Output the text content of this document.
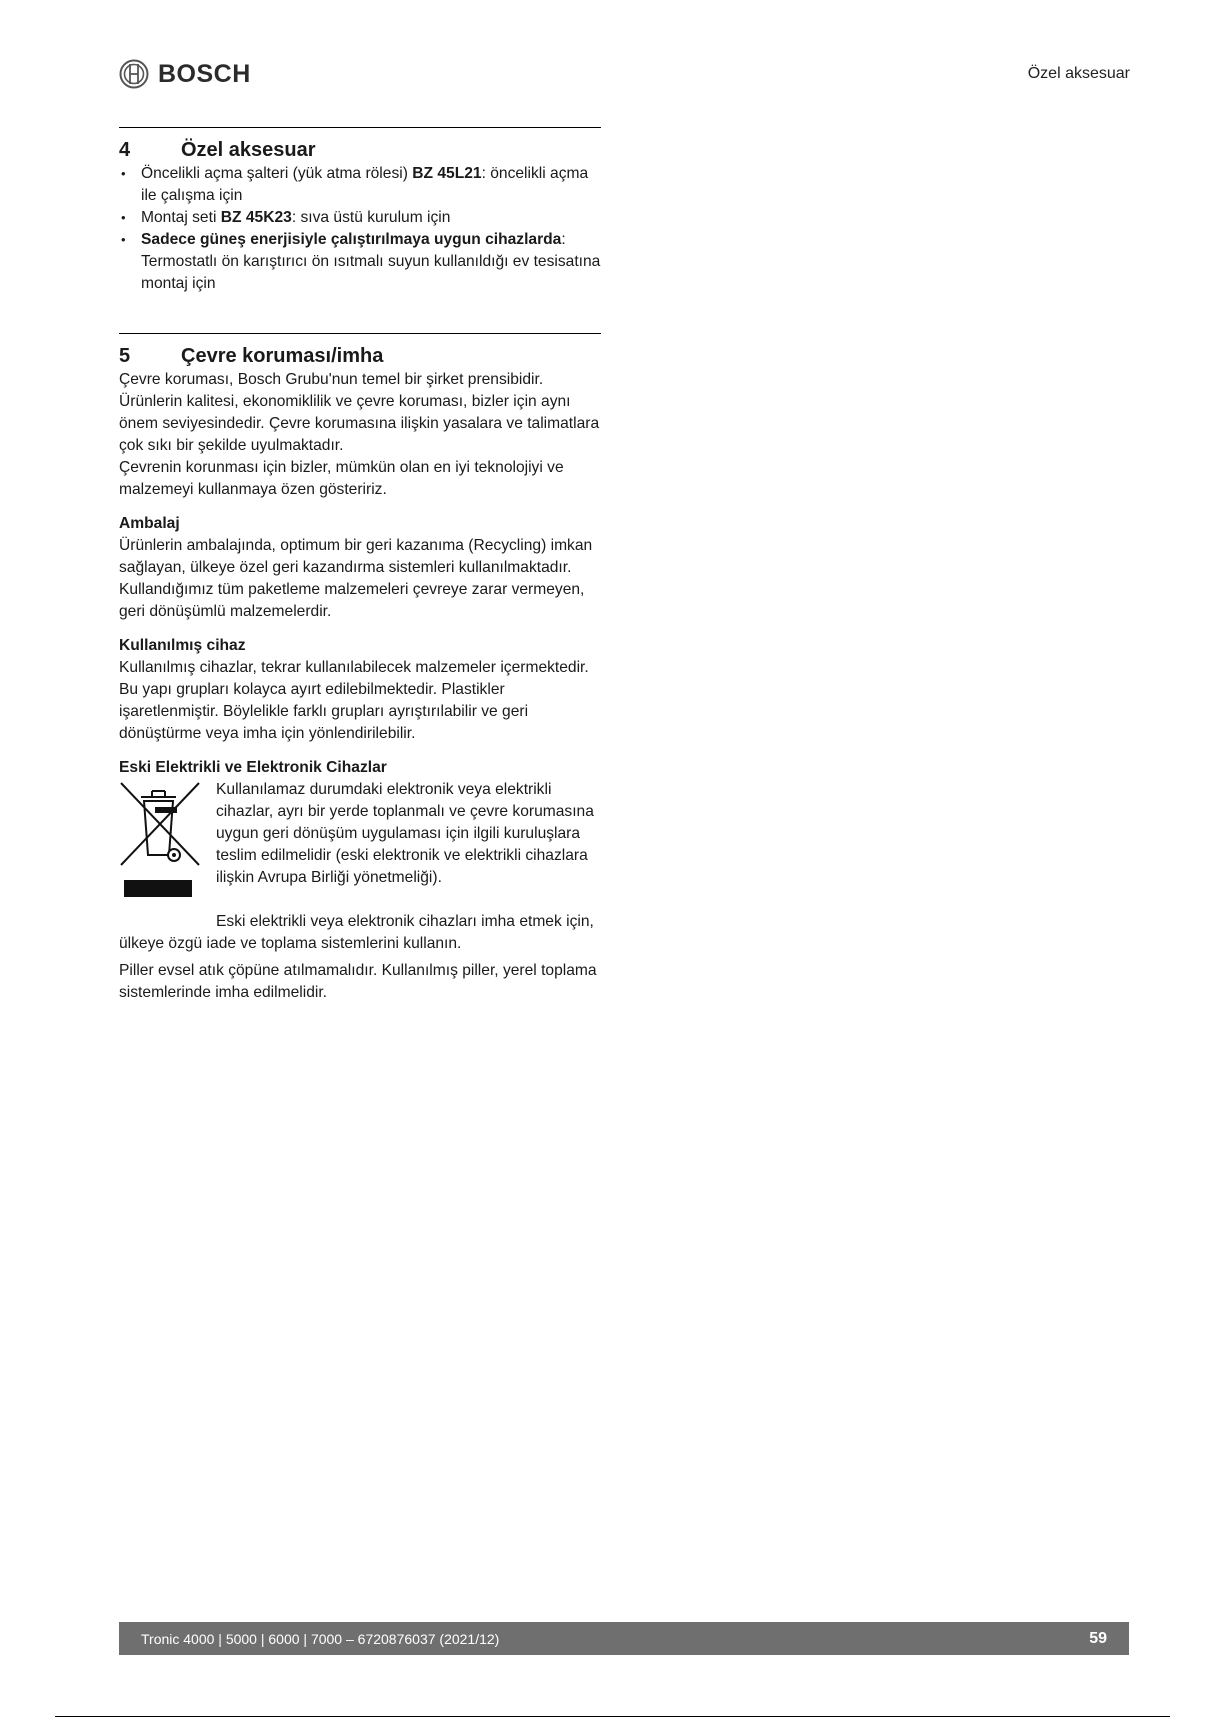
BOSCH	Özel aksesuar
4	Özel aksesuar
• Öncelikli açma şalteri (yük atma rölesi) BZ 45L21: öncelikli açma ile çalışma için
• Montaj seti BZ 45K23: sıva üstü kurulum için
• Sadece güneş enerjisiyle çalıştırılmaya uygun cihazlarda: Termostatlı ön karıştırıcı ön ısıtmalı suyun kullanıldığı ev tesisatına montaj için
5	Çevre koruması/imha

Çevre koruması, Bosch Grubu'nun temel bir şirket prensibidir.

Ürünlerin kalitesi, ekonomiklilik ve çevre koruması, bizler için aynı önem seviyesindedir. Çevre korumasına ilişkin yasalara ve talimatlara çok sıkı bir şekilde uyulmaktadır.

Çevrenin korunması için bizler, mümkün olan en iyi teknolojiyi ve malzemeyi kullanmaya özen gösteririz.

Ambalaj

Ürünlerin ambalajında, optimum bir geri kazanıma (Recycling) imkan sağlayan, ülkeye özel geri kazandırma sistemleri kullanılmaktadır. Kullandığımız tüm paketleme malzemeleri çevreye zarar vermeyen, geri dönüşümlü malzemelerdir.

Kullanılmış cihaz

Kullanılmış cihazlar, tekrar kullanılabilecek malzemeler içermektedir. Bu yapı grupları kolayca ayırt edilebilmektedir. Plastikler işaretlenmiştir. Böylelikle farklı grupları ayrıştırılabilir ve geri dönüştürme veya imha için yönlendirilebilir.

Eski Elektrikli ve Elektronik Cihazlar

Kullanılamaz durumdaki elektronik veya elektrikli cihazlar, ayrı bir yerde toplanmalı ve çevre korumasına uygun geri dönüşüm uygulaması için ilgili kuruluşlara teslim edilmelidir (eski elektronik ve elektrikli cihazlara ilişkin Avrupa Birliği yönetmeliği).

Eski elektrikli veya elektronik cihazları imha etmek için, ülkeye özgü iade ve toplama sistemlerini kullanın.

Piller evsel atık çöpüne atılmamalıdır. Kullanılmış piller, yerel toplama sistemlerinde imha edilmelidir.

Tronic 4000 | 5000 | 6000 | 7000 – 6720876037 (2021/12)	59
